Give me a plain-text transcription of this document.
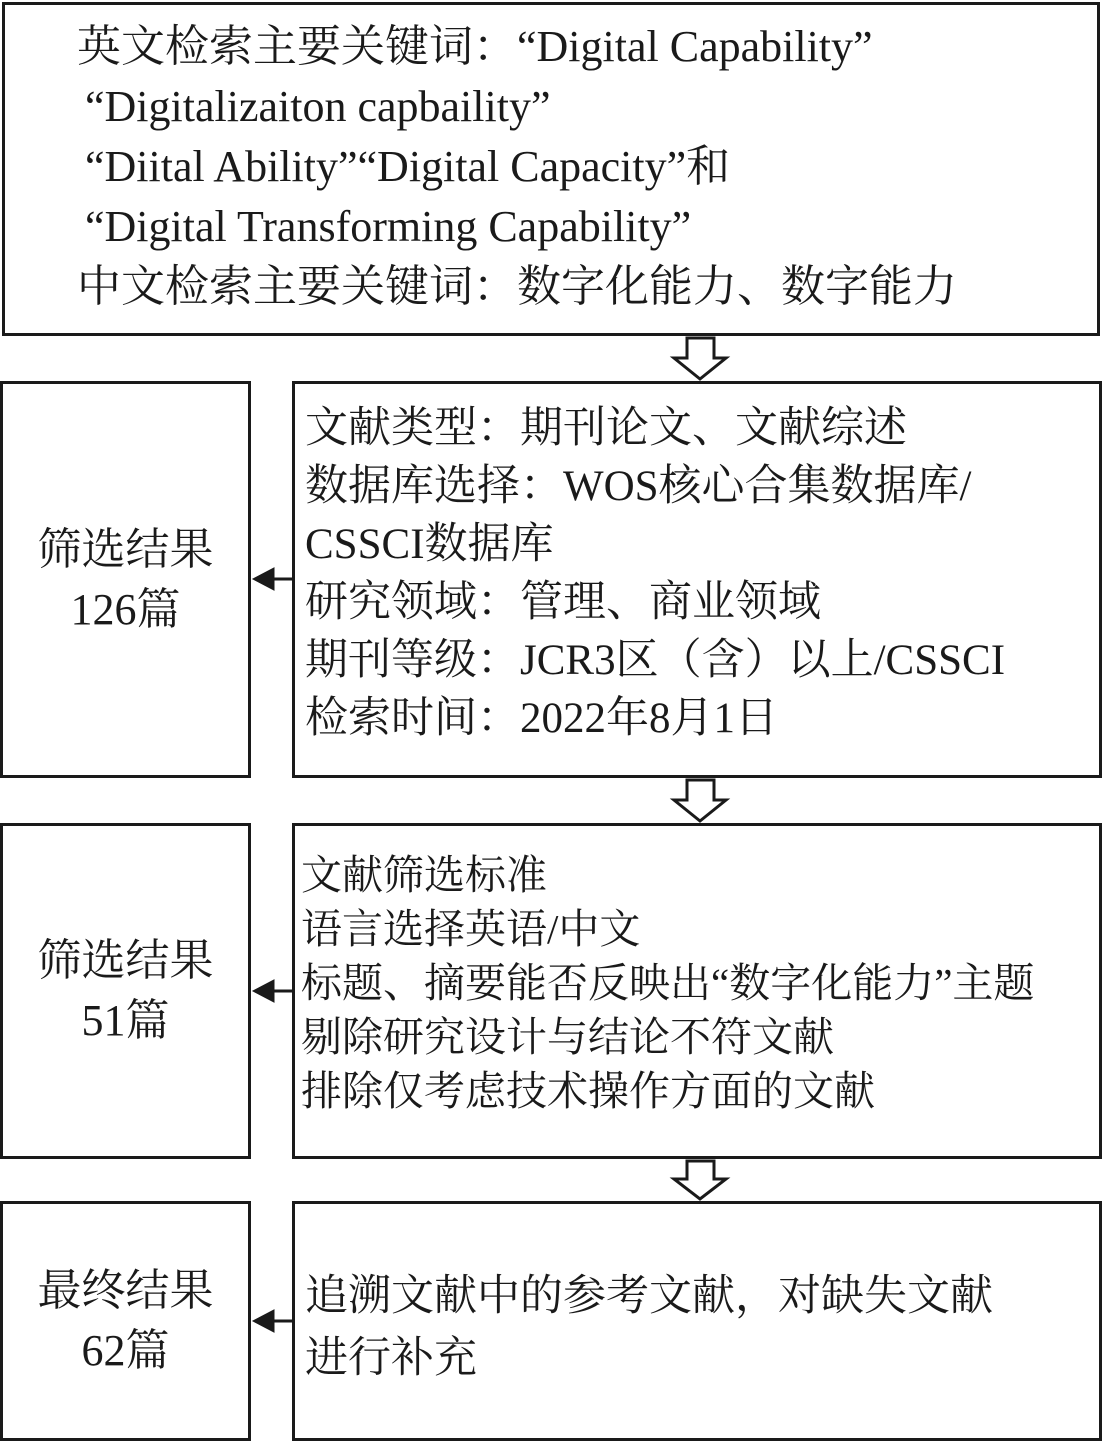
英文检索主要关键词：“Digital Capability”
“Digitalizaiton capbaility”
“Diital Ability”“Digital Capacity”和
“Digital Transforming Capability”
中文检索主要关键词：数字化能力、数字能力
筛选结果
126篇
文献类型：期刊论文、文献综述
数据库选择：WOS核心合集数据库/
CSSCI数据库
研究领域：管理、商业领域
期刊等级：JCR3区（含）以上/CSSCI
检索时间：2022年8月1日
筛选结果
51篇
文献筛选标准
语言选择英语/中文
标题、摘要能否反映出“数字化能力”主题
剔除研究设计与结论不符文献
排除仅考虑技术操作方面的文献
最终结果
62篇
追溯文献中的参考文献，对缺失文献
进行补充
